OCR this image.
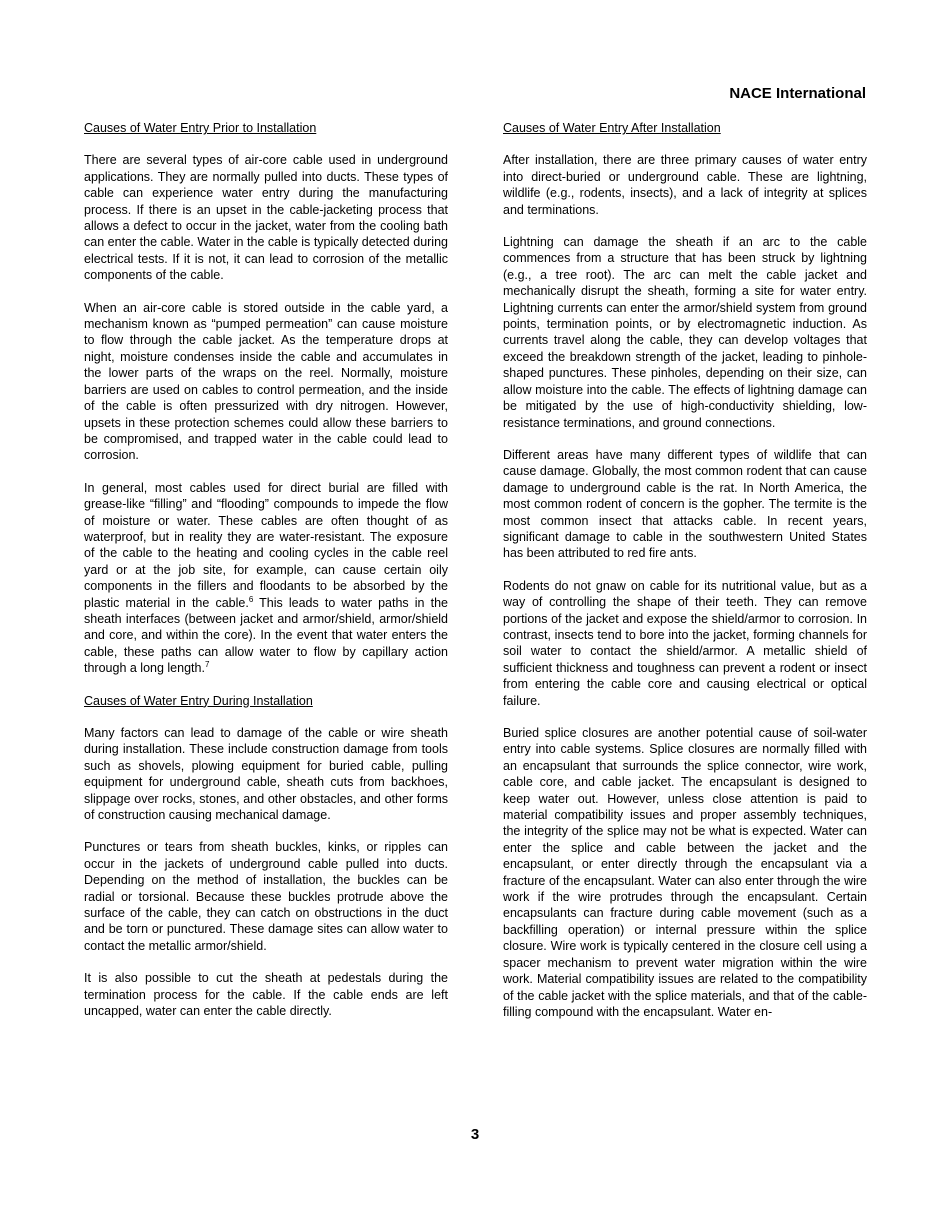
NACE International
Causes of Water Entry Prior to Installation
There are several types of air-core cable used in underground applications. They are normally pulled into ducts. These types of cable can experience water entry during the manufacturing process. If there is an upset in the cable-jacketing process that allows a defect to occur in the jacket, water from the cooling bath can enter the cable. Water in the cable is typically detected during electrical tests. If it is not, it can lead to corrosion of the metallic components of the cable.
When an air-core cable is stored outside in the cable yard, a mechanism known as “pumped permeation” can cause moisture to flow through the cable jacket. As the temperature drops at night, moisture condenses inside the cable and accumulates in the lower parts of the wraps on the reel. Normally, moisture barriers are used on cables to control permeation, and the inside of the cable is often pressurized with dry nitrogen. However, upsets in these protection schemes could allow these barriers to be compromised, and trapped water in the cable could lead to corrosion.
In general, most cables used for direct burial are filled with grease-like “filling” and “flooding” compounds to impede the flow of moisture or water. These cables are often thought of as waterproof, but in reality they are water-resistant. The exposure of the cable to the heating and cooling cycles in the cable reel yard or at the job site, for example, can cause certain oily components in the fillers and floodants to be absorbed by the plastic material in the cable.$^6$ This leads to water paths in the sheath interfaces (between jacket and armor/shield, armor/shield and core, and within the core). In the event that water enters the cable, these paths can allow water to flow by capillary action through a long length.$^7$
Causes of Water Entry During Installation
Many factors can lead to damage of the cable or wire sheath during installation. These include construction damage from tools such as shovels, plowing equipment for buried cable, pulling equipment for underground cable, sheath cuts from backhoes, slippage over rocks, stones, and other obstacles, and other forms of construction causing mechanical damage.
Punctures or tears from sheath buckles, kinks, or ripples can occur in the jackets of underground cable pulled into ducts. Depending on the method of installation, the buckles can be radial or torsional. Because these buckles protrude above the surface of the cable, they can catch on obstructions in the duct and be torn or punctured. These damage sites can allow water to contact the metallic armor/shield.
It is also possible to cut the sheath at pedestals during the termination process for the cable. If the cable ends are left uncapped, water can enter the cable directly.
Causes of Water Entry After Installation
After installation, there are three primary causes of water entry into direct-buried or underground cable. These are lightning, wildlife (e.g., rodents, insects), and a lack of integrity at splices and terminations.
Lightning can damage the sheath if an arc to the cable commences from a structure that has been struck by lightning (e.g., a tree root). The arc can melt the cable jacket and mechanically disrupt the sheath, forming a site for water entry. Lightning currents can enter the armor/shield system from ground points, termination points, or by electromagnetic induction. As currents travel along the cable, they can develop voltages that exceed the breakdown strength of the jacket, leading to pinhole-shaped punctures. These pinholes, depending on their size, can allow moisture into the cable. The effects of lightning damage can be mitigated by the use of high-conductivity shielding, low-resistance terminations, and ground connections.
Different areas have many different types of wildlife that can cause damage. Globally, the most common rodent that can cause damage to underground cable is the rat. In North America, the most common rodent of concern is the gopher. The termite is the most common insect that attacks cable. In recent years, significant damage to cable in the southwestern United States has been attributed to red fire ants.
Rodents do not gnaw on cable for its nutritional value, but as a way of controlling the shape of their teeth. They can remove portions of the jacket and expose the shield/armor to corrosion. In contrast, insects tend to bore into the jacket, forming channels for soil water to contact the shield/armor. A metallic shield of sufficient thickness and toughness can prevent a rodent or insect from entering the cable core and causing electrical or optical failure.
Buried splice closures are another potential cause of soil-water entry into cable systems. Splice closures are normally filled with an encapsulant that surrounds the splice connector, wire work, cable core, and cable jacket. The encapsulant is designed to keep water out. However, unless close attention is paid to material compatibility issues and proper assembly techniques, the integrity of the splice may not be what is expected. Water can enter the splice and cable between the jacket and the encapsulant, or enter directly through the encapsulant via a fracture of the encapsulant. Water can also enter through the wire work if the wire protrudes through the encapsulant. Certain encapsulants can fracture during cable movement (such as a backfilling operation) or internal pressure within the splice closure. Wire work is typically centered in the closure cell using a spacer mechanism to prevent water migration within the wire work. Material compatibility issues are related to the compatibility of the cable jacket with the splice materials, and that of the cable-filling compound with the encapsulant. Water en-
3
